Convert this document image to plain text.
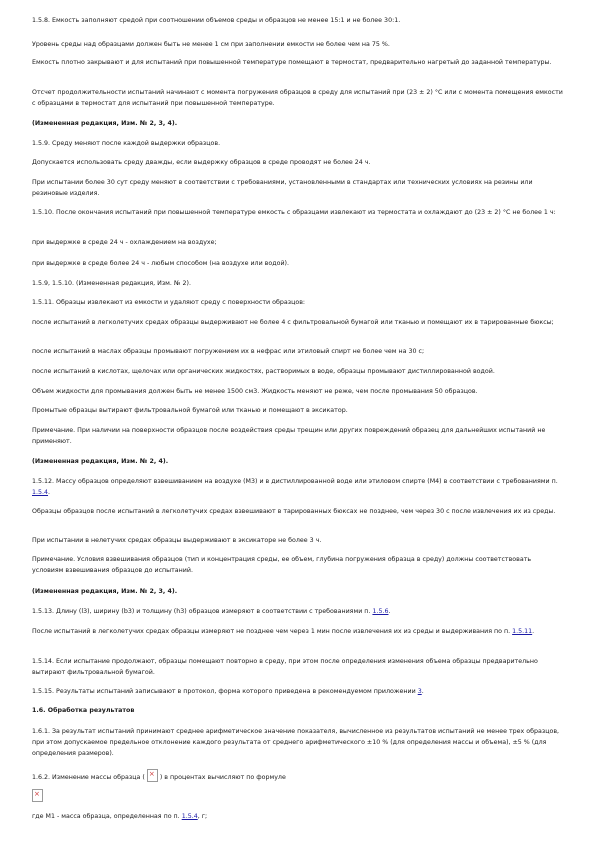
1.5.8. Емкость заполняют средой при соотношении объемов среды и образцов не менее 15:1 и не более 30:1.

Уровень среды над образцами должен быть не менее 1 см при заполнении емкости не более чем на 75 %.

Емкость плотно закрывают и для испытаний при повышенной температуре помещают в термостат, предварительно нагретый до заданной температуры.

Отсчет продолжительности испытаний начинают с момента погружения образцов в среду для испытаний при (23 ± 2) °С или с момента помещения емкости с образцами в термостат для испытаний при повышенной температуре.

(Измененная редакция, Изм. № 2, 3, 4).

1.5.9. Среду меняют после каждой выдержки образцов.

Допускается использовать среду дважды, если выдержку образцов в среде проводят не более 24 ч.

При испытании более 30 сут среду меняют в соответствии с требованиями, установленными в стандартах или технических условиях на резины или резиновые изделия.

1.5.10. После окончания испытаний при повышенной температуре емкость с образцами извлекают из термостата и охлаждают до (23 ± 2) °С не более 1 ч:

при выдержке в среде 24 ч - охлаждением на воздухе;

при выдержке в среде более 24 ч - любым способом (на воздухе или водой).

1.5.9, 1.5.10. (Измененная редакция, Изм. № 2).

1.5.11. Образцы извлекают из емкости и удаляют среду с поверхности образцов:

после испытаний в легколетучих средах образцы выдерживают не более 4 с фильтровальной бумагой или тканью и помещают их в тарированные бюксы;

после испытаний в маслах образцы промывают погружением их в нефрас или этиловый спирт не более чем на 30 с;

после испытаний в кислотах, щелочах или органических жидкостях, растворимых в воде, образцы промывают дистиллированной водой.

Объем жидкости для промывания должен быть не менее 1500 см3. Жидкость меняют не реже, чем после промывания 50 образцов.

Промытые образцы вытирают фильтровальной бумагой или тканью и помещают в эксикатор.

Примечание. При наличии на поверхности образцов после воздействия среды трещин или других повреждений образец для дальнейших испытаний не применяют.

(Измененная редакция, Изм. № 2, 4).

1.5.12. Массу образцов определяют взвешиванием на воздухе (М3) и в дистиллированной воде или этиловом спирте (М4) в соответствии с требованиями п. 1.5.4.

Образцы образцов после испытаний в легколетучих средах взвешивают в тарированных бюксах не позднее, чем через 30 с после извлечения их из среды.

При испытании в нелетучих средах образцы выдерживают в эксикаторе не более 3 ч.

Примечание. Условия взвешивания образцов (тип и концентрация среды, ее объем, глубина погружения образца в среду) должны соответствовать условиям взвешивания образцов до испытаний.

(Измененная редакция, Изм. № 2, 3, 4).

1.5.13. Длину (l3), ширину (b3) и толщину (h3) образцов измеряют в соответствии с требованиями п. 1.5.6.

После испытаний в легколетучих средах образцы измеряют не позднее чем через 1 мин после извлечения их из среды и выдерживания по п. 1.5.11.

1.5.14. Если испытание продолжают, образцы помещают повторно в среду, при этом после определения изменения объема образцы предварительно вытирают фильтровальной бумагой.

1.5.15. Результаты испытаний записывают в протокол, форма которого приведена в рекомендуемом приложении 3.

1.6. Обработка результатов

1.6.1. За результат испытаний принимают среднее арифметическое значение показателя, вычисленное из результатов испытаний не менее трех образцов, при этом допускаемое предельное отклонение каждого результата от среднего арифметического ±10 % (для определения массы и объема), ±5 % (для определения размеров).

1.6.2. Изменение массы образца (× ) в процентах вычисляют по формуле

×

где М1 - масса образца, определенная по п. 1.5.4, г;
